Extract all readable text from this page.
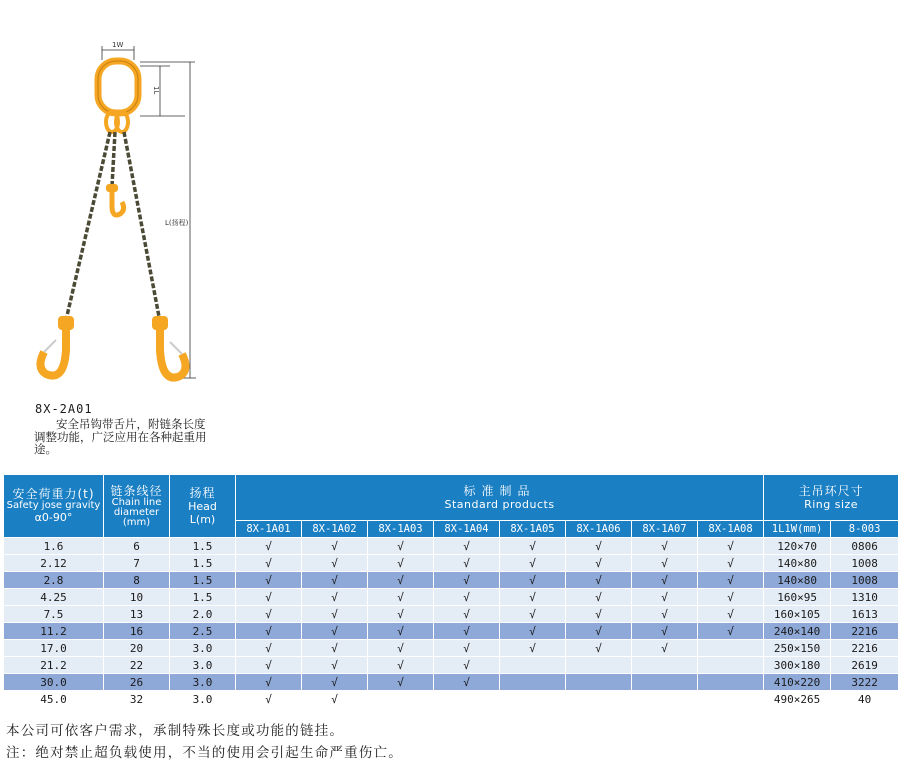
1W
1L
L(扬程)
8X-2A01
安全吊钩带舌片，附链条长度调整功能，广泛应用在各种起重用途。
安全荷重力(t)
Safety jose gravity
α0-90°	链条线径
Chain line
diameter
(mm)	扬程
Head
L(m)	标准制品
Standard products								主吊环尺寸
Ring size	

			8X-1A01	8X-1A02	8X-1A03	8X-1A04	8X-1A05	8X-1A06	8X-1A07	8X-1A08	1L1W(mm)	8-003
1.6	6	1.5	√	√	√	√	√	√	√	√	120×70	0806
2.12	7	1.5	√	√	√	√	√	√	√	√	140×80	1008
2.8	8	1.5	√	√	√	√	√	√	√	√	140×80	1008
4.25	10	1.5	√	√	√	√	√	√	√	√	160×95	1310
7.5	13	2.0	√	√	√	√	√	√	√	√	160×105	1613
11.2	16	2.5	√	√	√	√	√	√	√	√	240×140	2216
17.0	20	3.0	√	√	√	√	√	√	√		250×150	2216
21.2	22	3.0	√	√	√	√					300×180	2619
30.0	26	3.0	√	√	√	√					410×220	3222
45.0	32	3.0	√	√							490×265	40
本公司可依客户需求，承制特殊长度或功能的链挂。
注：绝对禁止超负载使用，不当的使用会引起生命严重伤亡。
